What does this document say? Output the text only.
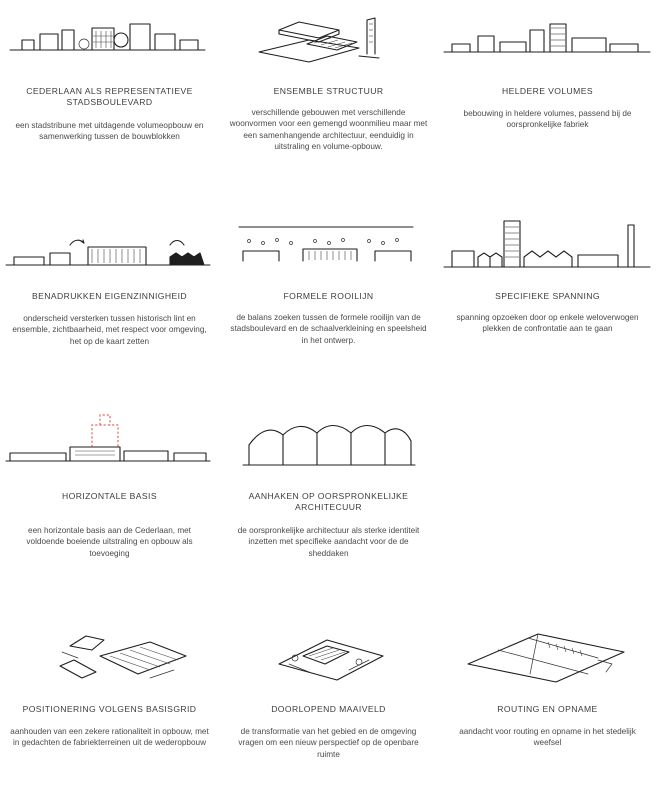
CEDERLAAN ALS REPRESENTATIEVE STADSBOULEVARD
een stadstribune met uitdagende volumeopbouw en samenwerking tussen de bouwblokken
ENSEMBLE STRUCTUUR
verschillende gebouwen met verschillende woonvormen voor een gemengd woonmilieu maar met een samenhangende architectuur, eenduidig in uitstraling en volume-opbouw.
HELDERE VOLUMES
bebouwing in heldere volumes, passend bij de oorspronkelijke fabriek
BENADRUKKEN EIGENZINNIGHEID
onderscheid versterken tussen historisch lint en ensemble, zichtbaarheid, met respect voor omgeving, het op de kaart zetten
FORMELE ROOILIJN
de balans zoeken tussen de formele rooilijn van de stadsboulevard en de schaalverkleining en speelsheid in het ontwerp.
SPECIFIEKE SPANNING
spanning opzoeken door op enkele weloverwogen plekken de confrontatie aan te gaan
HORIZONTALE BASIS
een horizontale basis aan de Cederlaan, met voldoende boeiende uitstraling en opbouw als toevoeging
AANHAKEN OP OORSPRONKELIJKE ARCHITECUUR
de oorspronkelijke architectuur als sterke identiteit inzetten met specifieke aandacht voor de de sheddaken
POSITIONERING VOLGENS BASISGRID
aanhouden van een zekere rationaliteit in opbouw, met in gedachten de fabriekterreinen uit de wederopbouw
DOORLOPEND MAAIVELD
de transformatie van het gebied en de omgeving vragen om een nieuw perspectief op de openbare ruimte
ROUTING EN OPNAME
aandacht voor routing en opname in het stedelijk weefsel
